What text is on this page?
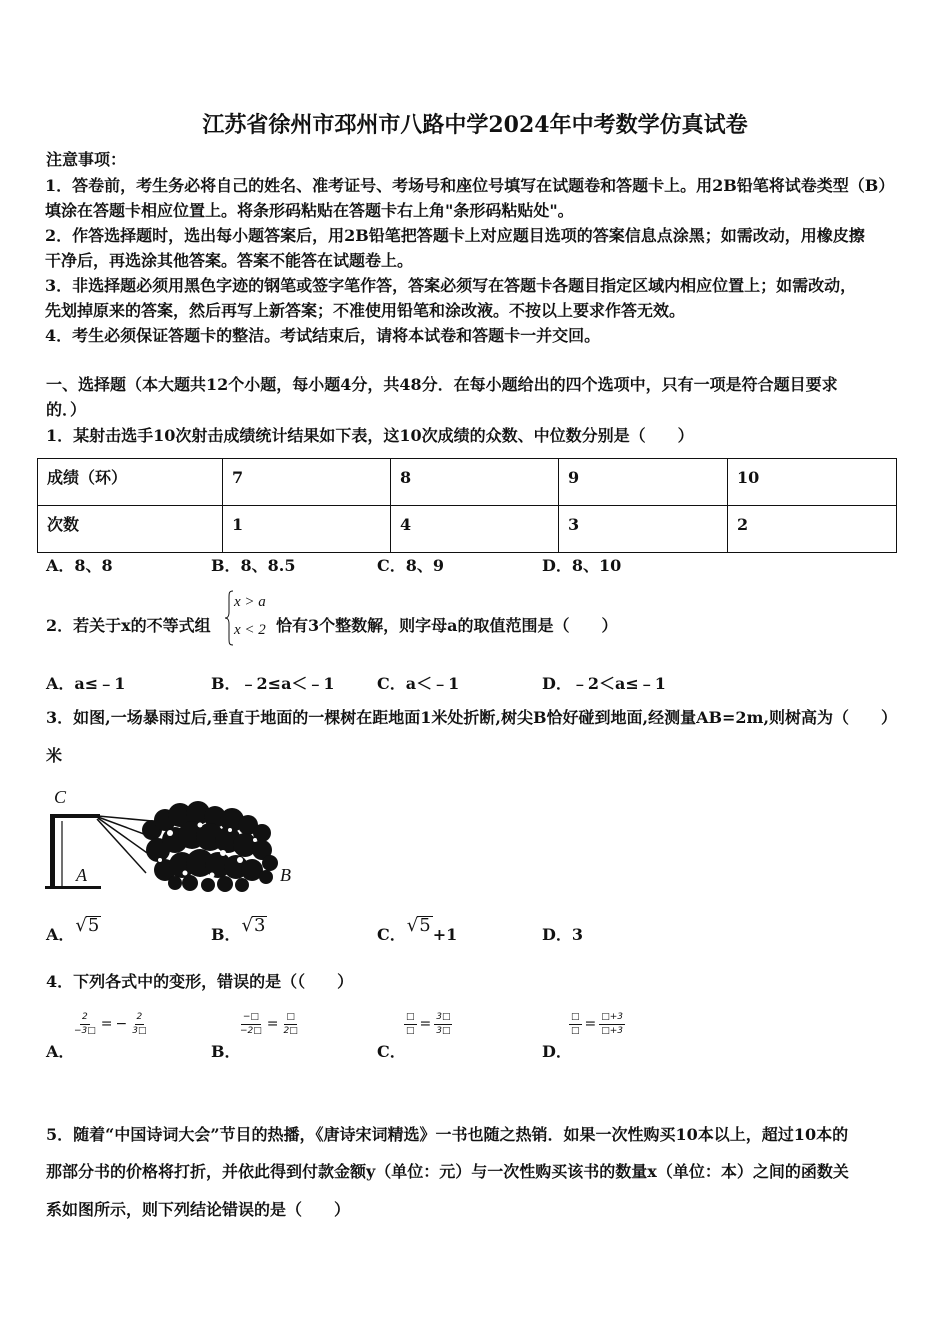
江苏省徐州市邳州市八路中学2024年中考数学仿真试卷
注意事项：
1．答卷前，考生务必将自己的姓名、准考证号、考场号和座位号填写在试题卷和答题卡上。用2B铅笔将试卷类型（B）
填涂在答题卡相应位置上。将条形码粘贴在答题卡右上角"条形码粘贴处"。
2．作答选择题时，选出每小题答案后，用2B铅笔把答题卡上对应题目选项的答案信息点涂黑；如需改动，用橡皮擦
干净后，再选涂其他答案。答案不能答在试题卷上。
3．非选择题必须用黑色字迹的钢笔或签字笔作答，答案必须写在答题卡各题目指定区域内相应位置上；如需改动，
先划掉原来的答案，然后再写上新答案；不准使用铅笔和涂改液。不按以上要求作答无效。
4．考生必须保证答题卡的整洁。考试结束后，请将本试卷和答题卡一并交回。
一、选择题（本大题共12个小题，每小题4分，共48分．在每小题给出的四个选项中，只有一项是符合题目要求
的．）
1．某射击选手10次射击成绩统计结果如下表，这10次成绩的众数、中位数分别是（　　）
成绩（环）	7	8	9	10
次数	1	4	3	2
A．8、8	B．8、8.5	C．8、9	D．8、10
2．若关于x的不等式组
x > a
x < 2 恰有3个整数解，则字母a的取值范围是（　　）
A．a≤﹣1	B．﹣2≤a＜﹣1	C．a＜﹣1	D．﹣2＜a≤﹣1
3．如图,一场暴雨过后,垂直于地面的一棵树在距地面1米处折断,树尖B恰好碰到地面,经测量AB=2m,则树高为（　　）
米
C
A	B
A．√5	B．√3	C．√5 +1	D．3
4．下列各式中的变形，错误的是（（　　）
$\frac{2}{-3□}$ = − $\frac{2}{3□}$	$\frac{-□}{-2□} = \frac{□}{2□}$	$\frac{□}{□} = \frac{3□}{3□}$	$\frac{□}{□} = \frac{□+3}{□+3}$
A．	B．	C．	D．
5．随着“中国诗词大会”节目的热播，《唐诗宋词精选》一书也随之热销．如果一次性购买10本以上，超过10本的
那部分书的价格将打折，并依此得到付款金额y（单位：元）与一次性购买该书的数量x（单位：本）之间的函数关
系如图所示，则下列结论错误的是（　　）
